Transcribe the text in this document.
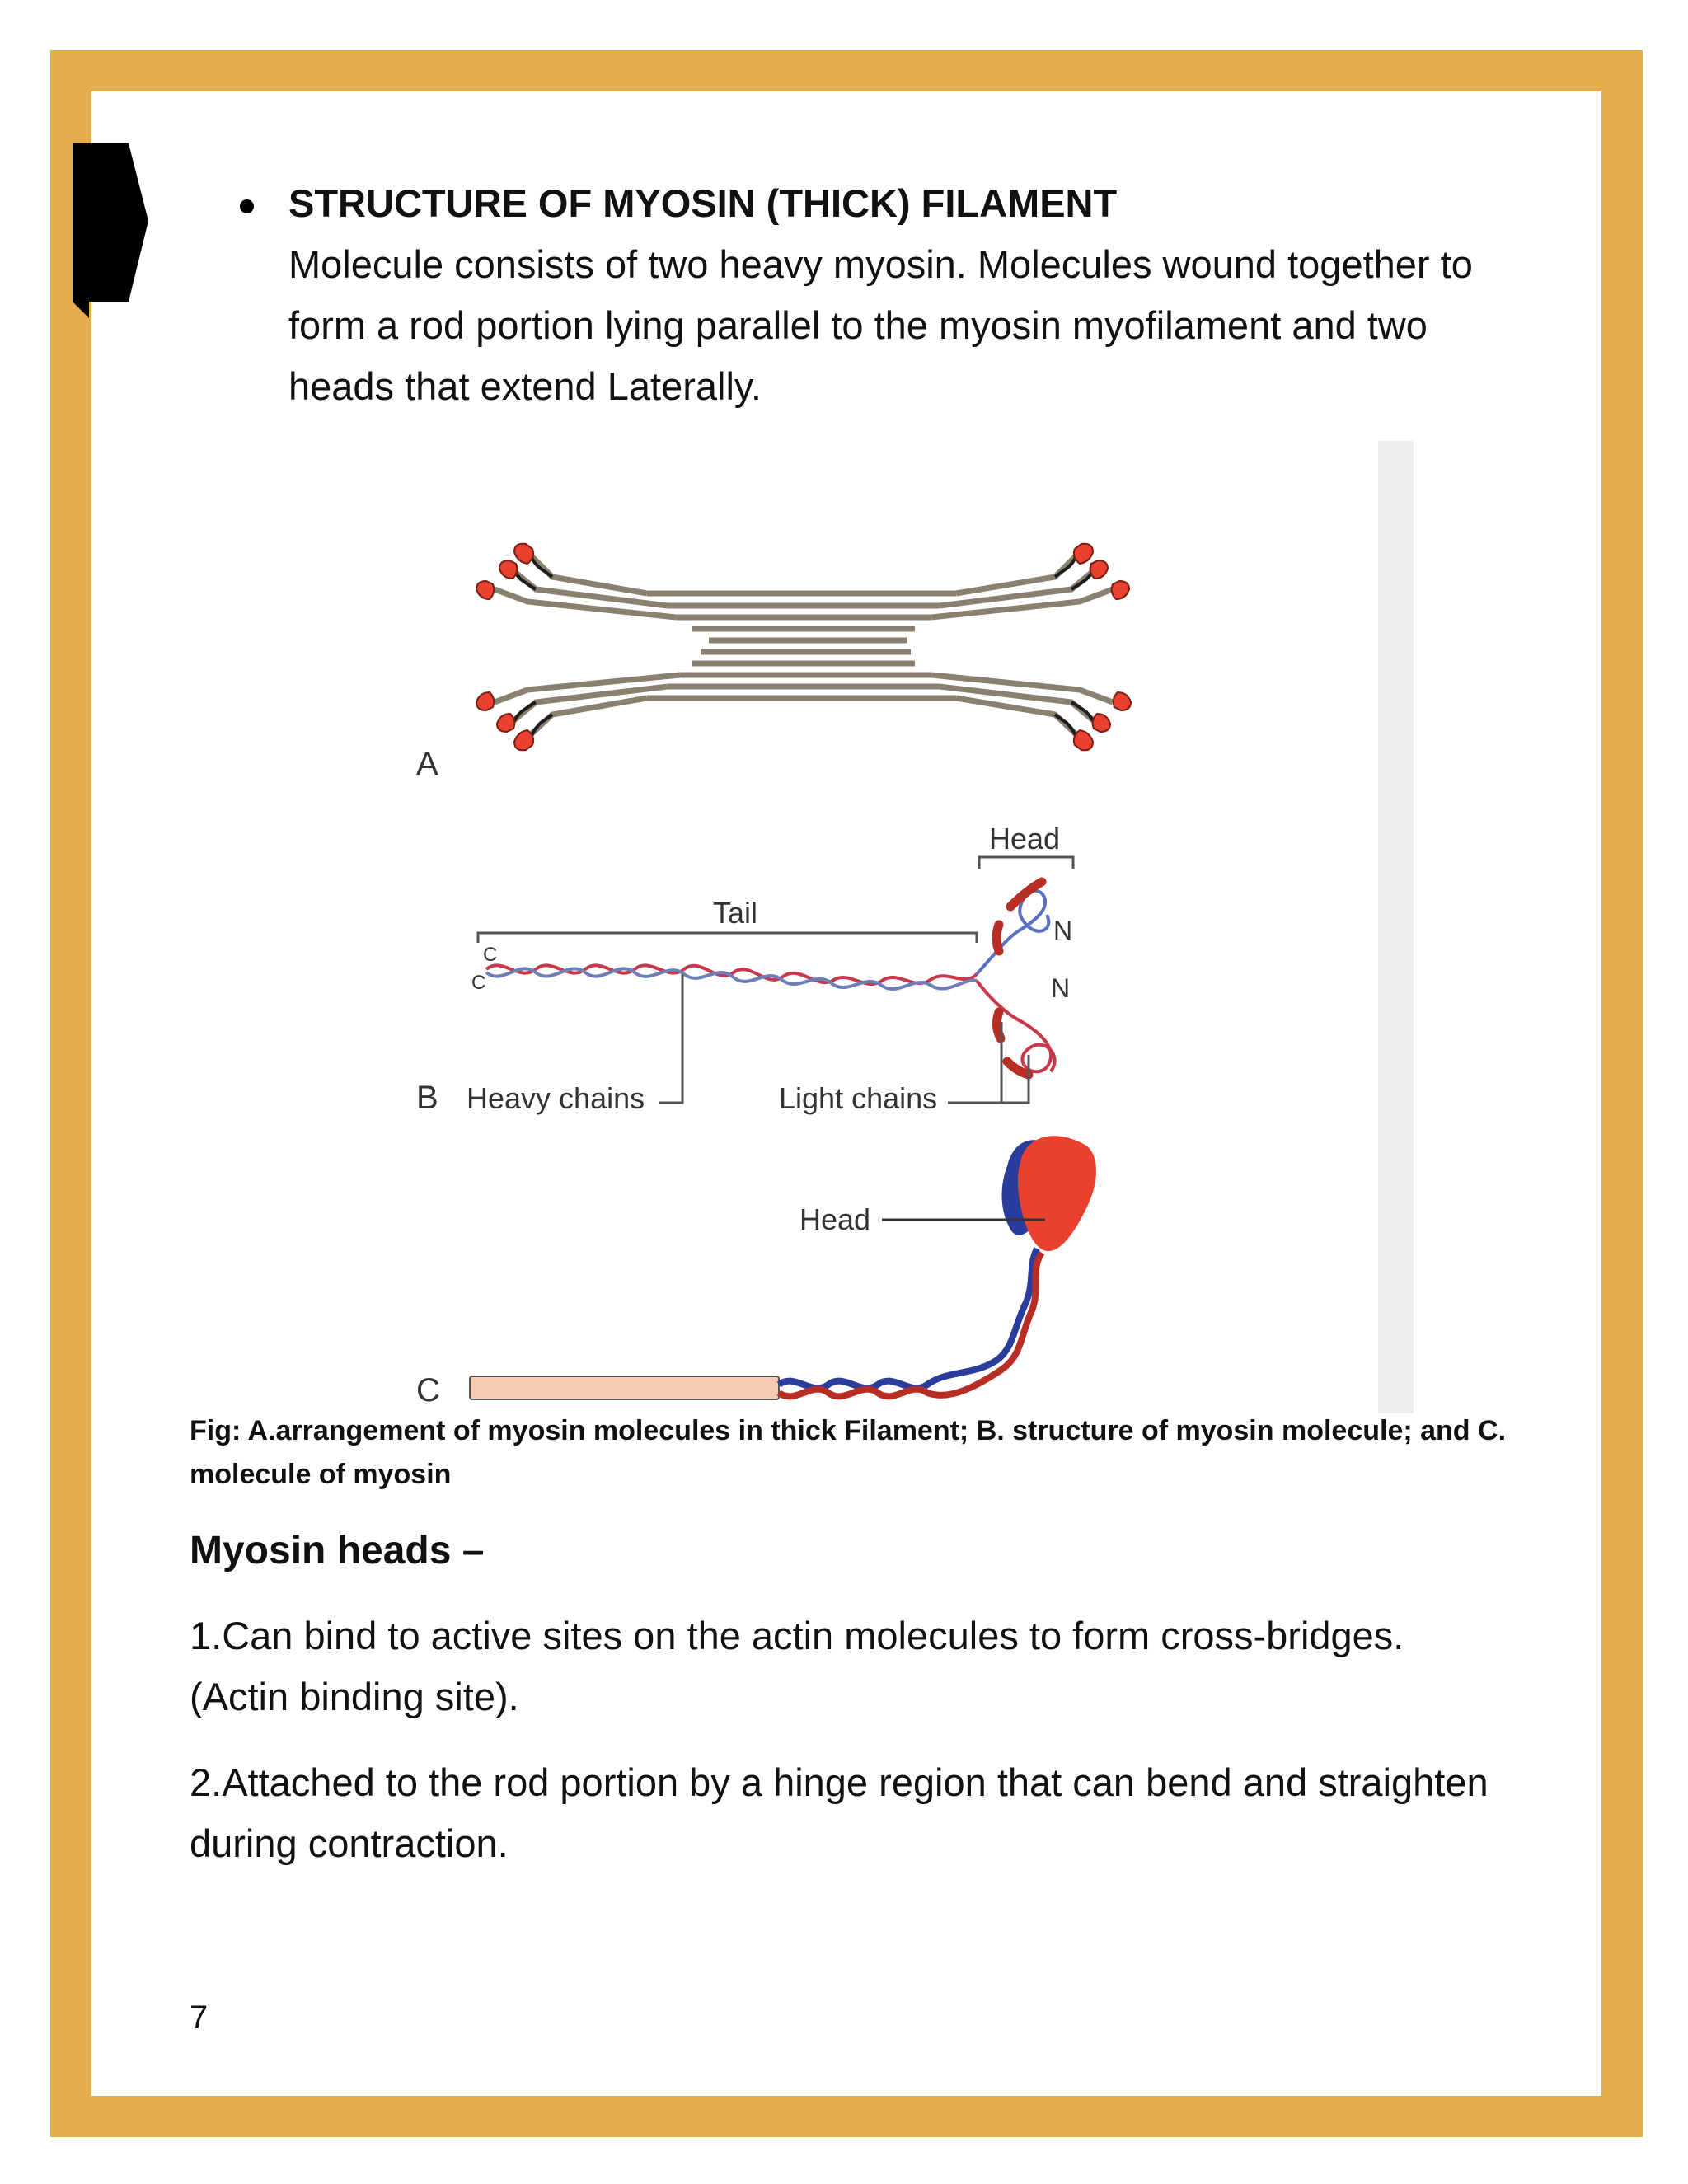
STRUCTURE OF MYOSIN (THICK) FILAMENT
Molecule consists of two heavy myosin. Molecules wound together to form a rod portion lying parallel to the myosin myofilament and two heads that extend Laterally.
A
Head
Tail
C
C
N
N
B Heavy chains	Light chains
Head
C
Fig: A.arrangement of myosin molecules in thick Filament; B. structure of myosin molecule; and C. molecule of myosin
Myosin heads –
1.Can bind to active sites on the actin molecules to form cross-bridges. (Actin binding site).
2.Attached to the rod portion by a hinge region that can bend and straighten during contraction.
7
